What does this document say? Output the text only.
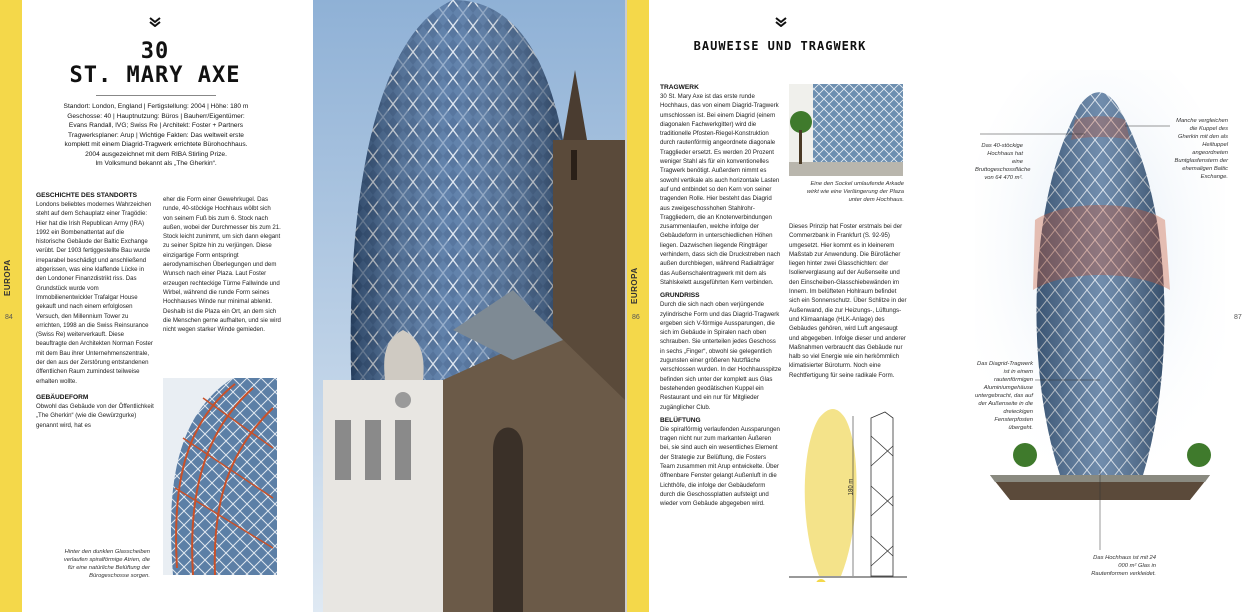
EUROPA
84
30
ST. MARY AXE
Standort: London, England | Fertigstellung: 2004 | Höhe: 180 m
Geschosse: 40 | Hauptnutzung: Büros | Bauherr/Eigentümer:
Evans Randall, IVG; Swiss Re | Architekt: Foster + Partners
Tragwerksplaner: Arup | Wichtige Fakten: Das weltweit erste
komplett mit einem Diagrid-Tragwerk errichtete Bürohochhaus.
2004 ausgezeichnet mit dem RIBA Stirling Prize.
Im Volksmund bekannt als „The Gherkin“.
GESCHICHTE DES STANDORTS
Londons beliebtes modernes Wahrzeichen steht auf dem Schauplatz einer Tragödie: Hier hat die Irish Republican Army (IRA) 1992 ein Bombenattentat auf die historische Gebäude der Baltic Exchange verübt. Der 1903 fertiggestellte Bau wurde irreparabel beschädigt und anschließend abgerissen, was eine klaffende Lücke in den Londoner Finanzdistrikt riss. Das Grundstück wurde vom Immobilienentwickler Trafalgar House gekauft und nach einem erfolglosen Versuch, den Millennium Tower zu errichten, 1998 an die Swiss Reinsurance (Swiss Re) weiterverkauft. Diese beauftragte den Architekten Norman Foster mit dem Bau ihrer Unternehmenszentrale, der den aus der Zerstörung entstandenen öffentlichen Raum zumindest teilweise erhalten wollte.
GEBÄUDEFORM
Obwohl das Gebäude von der Öffentlichkeit „The Gherkin“ (wie die Gewürzgurke) genannt wird, hat es
eher die Form einer Gewehrkugel. Das runde, 40-stöckige Hochhaus wölbt sich von seinem Fuß bis zum 6. Stock nach außen, wobei der Durchmesser bis zum 21. Stock leicht zunimmt, um sich dann elegant zu seiner Spitze hin zu verjüngen. Diese einzigartige Form entspringt aerodynamischen Überlegungen und dem Wunsch nach einer Plaza. Laut Foster erzeugen rechteckige Türme Fallwinde und Wirbel, während die runde Form seines Hochhauses Winde nur minimal ablenkt. Deshalb ist die Plaza ein Ort, an dem sich die Menschen gerne aufhalten, und sie wird nicht wegen starker Winde gemieden.
Hinter den dunklen Glasscheiben verlaufen spiralförmige Atrien, die für eine natürliche Belüftung der Bürogeschosse sorgen.
EUROPA
86	87
BAUWEISE UND TRAGWERK
TRAGWERK
30 St. Mary Axe ist das erste runde Hochhaus, das von einem Diagrid-Tragwerk umschlossen ist. Bei einem Diagrid (einem diagonalen Fachwerkgitter) wird die traditionelle Pfosten-Riegel-Konstruktion durch rautenförmig angeordnete diagonale Tragglieder ersetzt. Es werden 20 Prozent weniger Stahl als für ein konventionelles Tragwerk benötigt. Außerdem nimmt es sowohl vertikale als auch horizontale Lasten auf und entbindet so den Kern von seiner tragenden Rolle. Hier besteht das Diagrid aus zweigeschosshohen Stahlrohr-Traggliedern, die an Knotenverbindungen zusammenlaufen, welche infolge der Gebäudeform in unterschiedlichen Höhen liegen. Dazwischen liegende Ringträger verhindern, dass sich die Druckstreben nach außen durchbiegen, während Radialträger das Außenschalentragwerk mit dem als Stahlskelett ausgeführten Kern verbinden.
GRUNDRISS
Durch die sich nach oben verjüngende zylindrische Form und das Diagrid-Tragwerk ergeben sich V-förmige Aussparungen, die sich im Gebäude in Spiralen nach oben schrauben. Sie unterteilen jedes Geschoss in sechs „Finger“, obwohl sie gelegentlich zugunsten einer größeren Nutzfläche verschlossen wurden. In der Hochhausspitze befinden sich unter der komplett aus Glas bestehenden geodätischen Kuppel ein Restaurant und ein nur für Mitglieder zugänglicher Club.
BELÜFTUNG
Die spiralförmig verlaufenden Aussparungen tragen nicht nur zum markanten Äußeren bei, sie sind auch ein wesentliches Element der Strategie zur Belüftung, die Fosters Team zusammen mit Arup entwickelte. Über öffnenbare Fenster gelangt Außenluft in die Lichthöfe, die infolge der Gebäudeform durch die Geschossplatten aufsteigt und wieder vom Gebäude abgegeben wird.
Eine den Sockel umlaufende Arkade wirkt wie eine Verlängerung der Plaza unter dem Hochhaus.
Dieses Prinzip hat Foster erstmals bei der Commerzbank in Frankfurt (S. 92-95) umgesetzt. Hier kommt es in kleinerem Maßstab zur Anwendung. Die Bürofächer liegen hinter zwei Glasschichten: der Isolierverglasung auf der Außenseite und den Einscheiben-Glasschiebewänden im Innern. Im belüfteten Hohlraum befindet sich ein Sonnenschutz. Über Schlitze in der Außenwand, die zur Heizungs-, Lüftungs- und Klimaanlage (HLK-Anlage) des Gebäudes gehören, wird Luft angesaugt und abgegeben. Infolge dieser und anderer Maßnahmen verbraucht das Gebäude nur halb so viel Energie wie ein herkömmlich klimatisierter Büroturm. Noch eine Rechtfertigung für seine radikale Form.
180 m
Das 40-stöckige Hochhaus hat eine Bruttogeschossfläche von 64 470 m².
Manche vergleichen die Kuppel des Gherkin mit den als Heiltuppel angeordneten Buntglasfenstern der ehemaligen Baltic Exchange.
Das Diagrid-Tragwerk ist in einem rautenförmigen Aluminiumgehäuse untergebracht, das auf der Außenseite in die dreieckigen Fensterpfosten übergeht.
Das Hochhaus ist mit 24 000 m² Glas in Rautenformen verkleidet.
